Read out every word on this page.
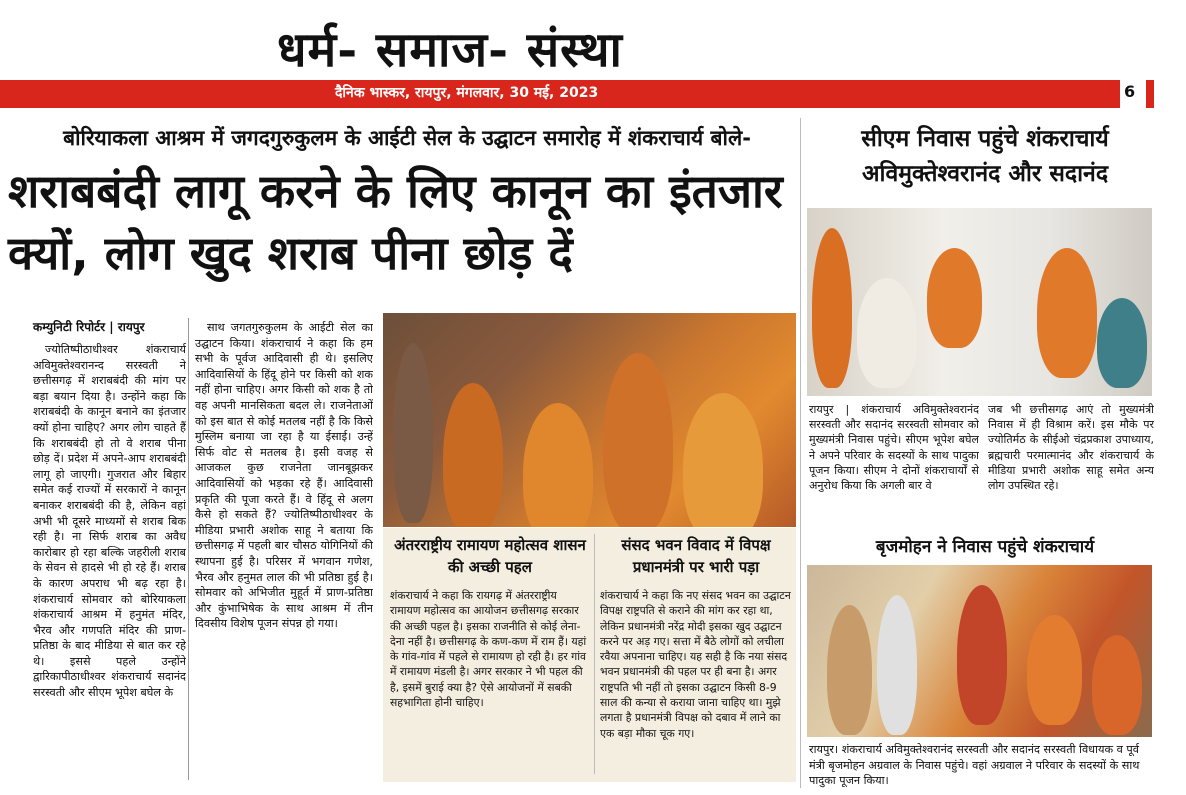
धर्म- समाज- संस्था
दैनिक भास्कर, रायपुर, मंगलवार, 30 मई, 2023	6
बोरियाकला आश्रम में जगदगुरुकुलम के आईटी सेल के उद्घाटन समारोह में शंकराचार्य बोले-
शराबबंदी लागू करने के लिए कानून का इंतजार क्यों, लोग खुद शराब पीना छोड़ दें
कम्युनिटी रिपोर्टर | रायपुर

ज्योतिष्पीठाधीश्वर शंकराचार्य अविमुक्तेश्वरानन्द सरस्वती ने छत्तीसगढ़ में शराबबंदी की मांग पर बड़ा बयान दिया है। उन्होंने कहा कि शराबबंदी के कानून बनाने का इंतजार क्यों होना चाहिए? अगर लोग चाहते हैं कि शराबबंदी हो तो वे शराब पीना छोड़ दें। प्रदेश में अपने-आप शराबबंदी लागू हो जाएगी। गुजरात और बिहार समेत कई राज्यों में सरकारों ने कानून बनाकर शराबबंदी की है, लेकिन वहां अभी भी दूसरे माध्यमों से शराब बिक रही है। ना सिर्फ शराब का अवैध कारोबार हो रहा बल्कि जहरीली शराब के सेवन से हादसे भी हो रहे हैं। शराब के कारण अपराध भी बढ़ रहा है। शंकराचार्य सोमवार को बोरियाकला शंकराचार्य आश्रम में हनुमंत मंदिर, भैरव और गणपति मंदिर की प्राण-प्रतिष्ठा के बाद मीडिया से बात कर रहे थे। इससे पहले उन्होंने द्वारिकापीठाधीश्वर शंकराचार्य सदानंद सरस्वती और सीएम भूपेश बघेल के

साथ जगतगुरुकुलम के आईटी सेल का उद्घाटन किया। शंकराचार्य ने कहा कि हम सभी के पूर्वज आदिवासी ही थे। इसलिए आदिवासियों के हिंदू होने पर किसी को शक नहीं होना चाहिए। अगर किसी को शक है तो वह अपनी मानसिकता बदल ले। राजनेताओं को इस बात से कोई मतलब नहीं है कि किसे मुस्लिम बनाया जा रहा है या ईसाई। उन्हें सिर्फ वोट से मतलब है। इसी वजह से आजकल कुछ राजनेता जानबूझकर आदिवासियों को भड़का रहे हैं। आदिवासी प्रकृति की पूजा करते हैं। वे हिंदू से अलग कैसे हो सकते हैं? ज्योतिष्पीठाधीश्वर के मीडिया प्रभारी अशोक साहू ने बताया कि छत्तीसगढ़ में पहली बार चौसठ योगिनियों की स्थापना हुई है। परिसर में भगवान गणेश, भैरव और हनुमत लाल की भी प्रतिष्ठा हुई है। सोमवार को अभिजीत मुहूर्त में प्राण-प्रतिष्ठा और कुंभाभिषेक के साथ आश्रम में तीन दिवसीय विशेष पूजन संपन्न हो गया।

अंतरराष्ट्रीय रामायण महोत्सव शासन की अच्छी पहल
शंकराचार्य ने कहा कि रायगढ़ में अंतरराष्ट्रीय रामायण महोत्सव का आयोजन छत्तीसगढ़ सरकार की अच्छी पहल है। इसका राजनीति से कोई लेना-देना नहीं है। छत्तीसगढ़ के कण-कण में राम हैं। यहां के गांव-गांव में पहले से रामायण हो रही है। हर गांव में रामायण मंडली है। अगर सरकार ने भी पहल की है, इसमें बुराई क्या है? ऐसे आयोजनों में सबकी सहभागिता होनी चाहिए।
संसद भवन विवाद में विपक्ष प्रधानमंत्री पर भारी पड़ा
शंकराचार्य ने कहा कि नए संसद भवन का उद्घाटन विपक्ष राष्ट्रपति से कराने की मांग कर रहा था, लेकिन प्रधानमंत्री नरेंद्र मोदी इसका खुद उद्घाटन करने पर अड़ गए। सत्ता में बैठे लोगों को लचीला रवैया अपनाना चाहिए। यह सही है कि नया संसद भवन प्रधानमंत्री की पहल पर ही बना है। अगर राष्ट्रपति भी नहीं तो इसका उद्घाटन किसी 8-9 साल की कन्या से कराया जाना चाहिए था। मुझे लगता है प्रधानमंत्री विपक्ष को दबाव में लाने का एक बड़ा मौका चूक गए।
सीएम निवास पहुंचे शंकराचार्य अविमुक्तेश्वरानंद और सदानंद
रायपुर | शंकराचार्य अविमुक्तेश्वरानंद सरस्वती और सदानंद सरस्वती सोमवार को मुख्यमंत्री निवास पहुंचे। सीएम भूपेश बघेल ने अपने परिवार के सदस्यों के साथ पादुका पूजन किया। सीएम ने दोनों शंकराचार्यों से अनुरोध किया कि अगली बार वे
जब भी छत्तीसगढ़ आएं तो मुख्यमंत्री निवास में ही विश्राम करें। इस मौके पर ज्योतिर्मठ के सीईओ चंद्रप्रकाश उपाध्याय, ब्रह्मचारी परमात्मानंद और शंकराचार्य के मीडिया प्रभारी अशोक साहू समेत अन्य लोग उपस्थित रहे।
बृजमोहन ने निवास पहुंचे शंकराचार्य
रायपुर। शंकराचार्य अविमुक्तेश्वरानंद सरस्वती और सदानंद सरस्वती विधायक व पूर्व मंत्री बृजमोहन अग्रवाल के निवास पहुंचे। वहां अग्रवाल ने परिवार के सदस्यों के साथ पादुका पूजन किया।
